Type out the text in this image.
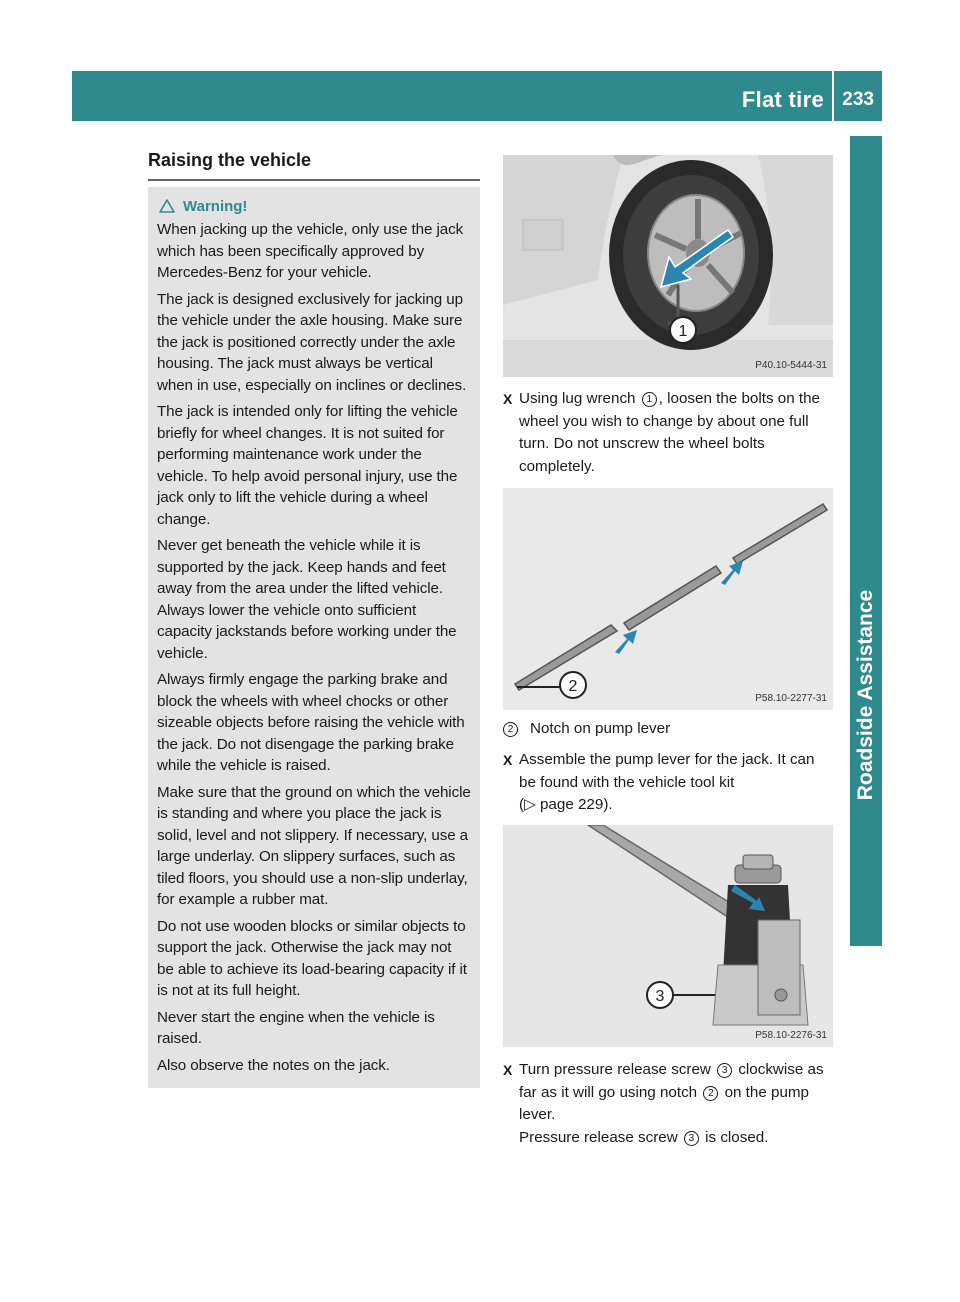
Flat tire 233
Roadside Assistance
Raising the vehicle
Warning!

When jacking up the vehicle, only use the jack which has been specifically approved by Mercedes-Benz for your vehicle.

The jack is designed exclusively for jacking up the vehicle under the axle housing. Make sure the jack is positioned correctly under the axle housing. The jack must always be vertical when in use, especially on inclines or declines.

The jack is intended only for lifting the vehicle briefly for wheel changes. It is not suited for performing maintenance work under the vehicle. To help avoid personal injury, use the jack only to lift the vehicle during a wheel change.

Never get beneath the vehicle while it is supported by the jack. Keep hands and feet away from the area under the lifted vehicle. Always lower the vehicle onto sufficient capacity jackstands before working under the vehicle.

Always firmly engage the parking brake and block the wheels with wheel chocks or other sizeable objects before raising the vehicle with the jack. Do not disengage the parking brake while the vehicle is raised.

Make sure that the ground on which the vehicle is standing and where you place the jack is solid, level and not slippery. If necessary, use a large underlay. On slippery surfaces, such as tiled floors, you should use a non-slip underlay, for example a rubber mat.

Do not use wooden blocks or similar objects to support the jack. Otherwise the jack may not be able to achieve its load-bearing capacity if it is not at its full height.

Never start the engine when the vehicle is raised.

Also observe the notes on the jack.

1
P40.10-5444-31
X Using lug wrench 1 , loosen the bolts on the wheel you wish to change by about one full turn. Do not unscrew the wheel bolts completely.
2
P58.10-2277-31
2 Notch on pump lever
X Assemble the pump lever for the jack. It can be found with the vehicle tool kit
(▷ page 229).
3
P58.10-2276-31
X Turn pressure release screw 3 clockwise as far as it will go using notch 2 on the pump lever.
Pressure release screw 3 is closed.
